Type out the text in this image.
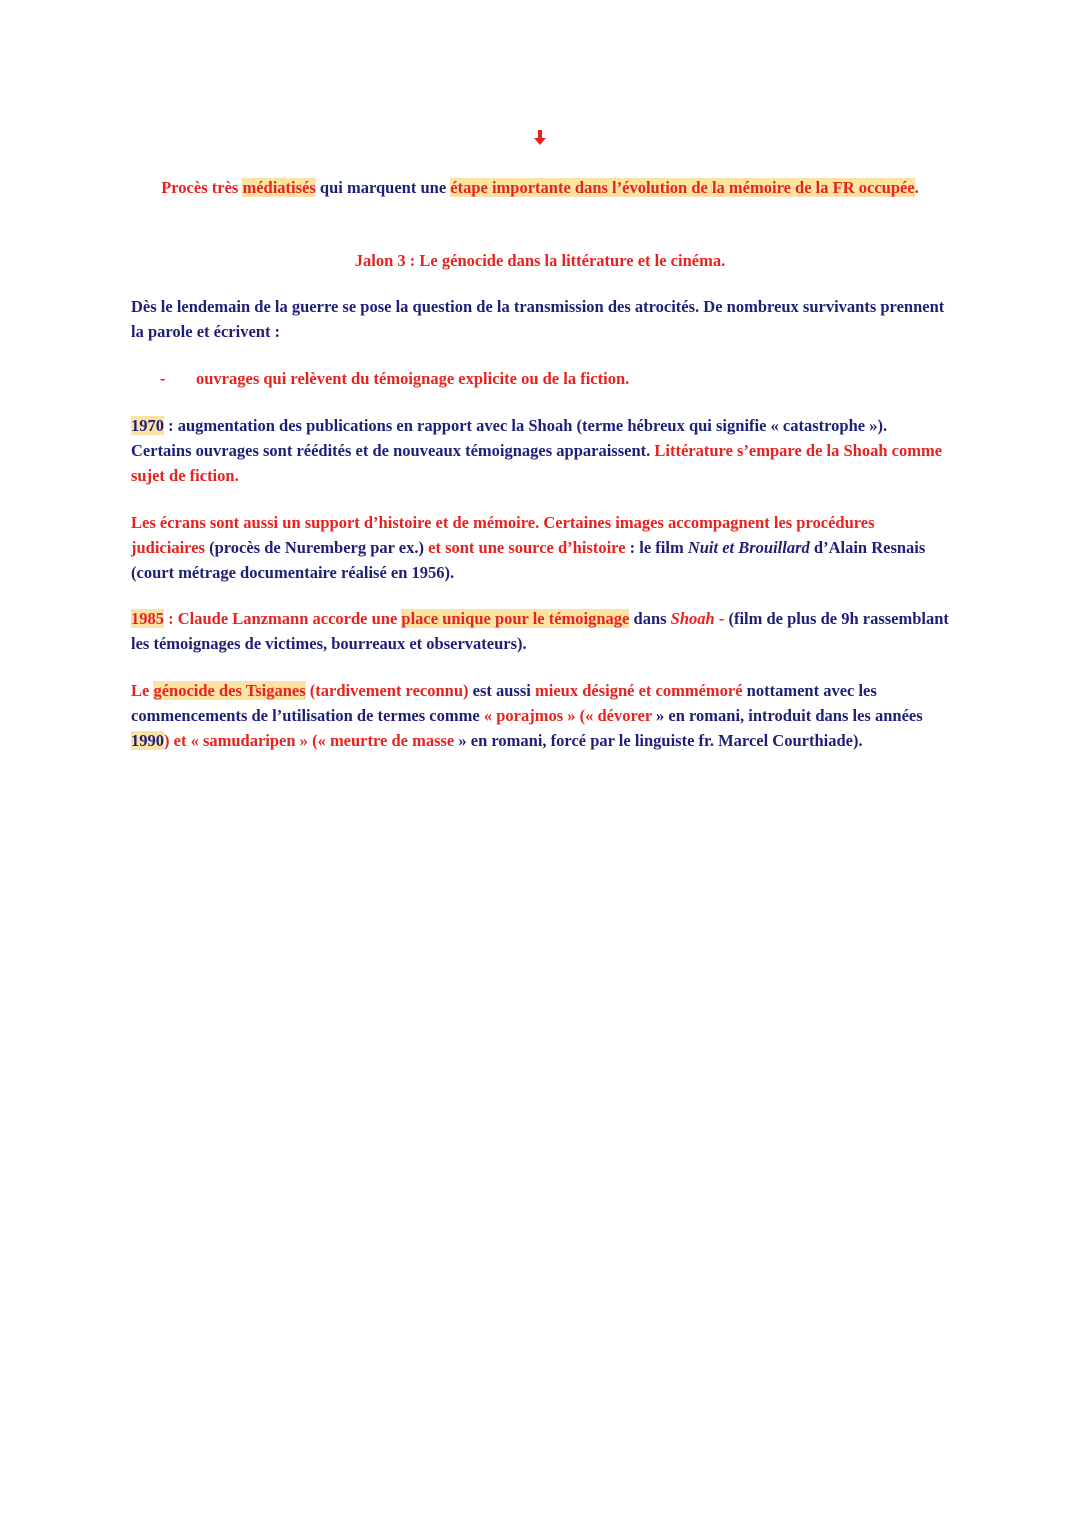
Procès très médiatisés qui marquent une étape importante dans l’évolution de la mémoire de la FR occupée.

Jalon 3 : Le génocide dans la littérature et le cinéma.

Dès le lendemain de la guerre se pose la question de la transmission des atrocités. De nombreux survivants prennent la parole et écrivent :

- ouvrages qui relèvent du témoignage explicite ou de la fiction.

1970 : augmentation des publications en rapport avec la Shoah (terme hébreux qui signifie « catastrophe »). Certains ouvrages sont réédités et de nouveaux témoignages apparaissent. Littérature s’empare de la Shoah comme sujet de fiction.

Les écrans sont aussi un support d’histoire et de mémoire. Certaines images accompagnent les procédures judiciaires (procès de Nuremberg par ex.) et sont une source d’histoire : le film Nuit et Brouillard d’Alain Resnais (court métrage documentaire réalisé en 1956).

1985 : Claude Lanzmann accorde une place unique pour le témoignage dans Shoah - (film de plus de 9h rassemblant les témoignages de victimes, bourreaux et observateurs).

Le génocide des Tsiganes (tardivement reconnu) est aussi mieux désigné et commémoré nottament avec les commencements de l’utilisation de termes comme « porajmos » (« dévorer » en romani, introduit dans les années 1990) et « samudaripen » (« meurtre de masse » en romani, forcé par le linguiste fr. Marcel Courthiade).
